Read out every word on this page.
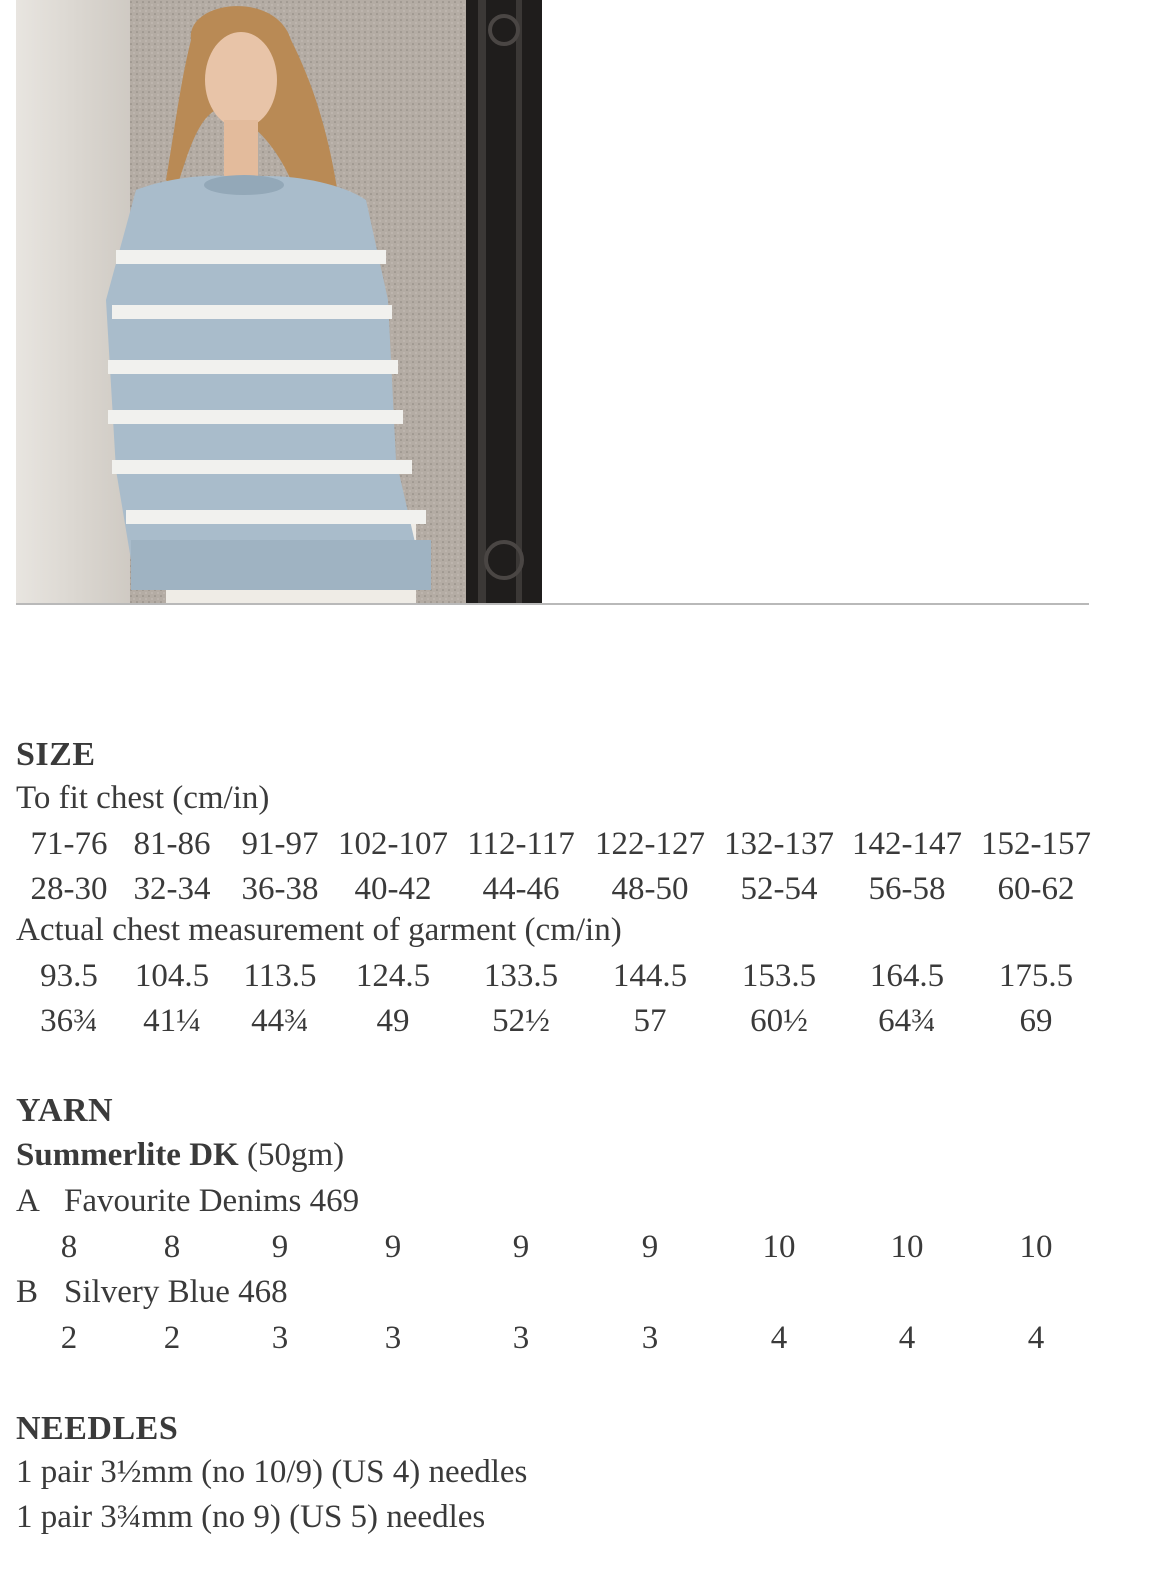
SIZE
To fit chest (cm/in)
71-76 81-86 91-97 102-107 112-117 122-127 132-137 142-147 152-157
28-30 32-34 36-38 40-42 44-46 48-50 52-54 56-58 60-62
Actual chest measurement of garment (cm/in)
93.5 104.5 113.5 124.5 133.5 144.5 153.5 164.5 175.5
36¾ 41¼ 44¾ 49	52½	57	60½ 64¾	69
YARN
Summerlite DK (50gm)
A Favourite Denims 469
8	8	9	9	9	9	10	10	10
B Silvery Blue 468
2	2	3	3	3	3	4	4	4
NEEDLES
1 pair 3½mm (no 10/9) (US 4) needles
1 pair 3¾mm (no 9) (US 5) needles
